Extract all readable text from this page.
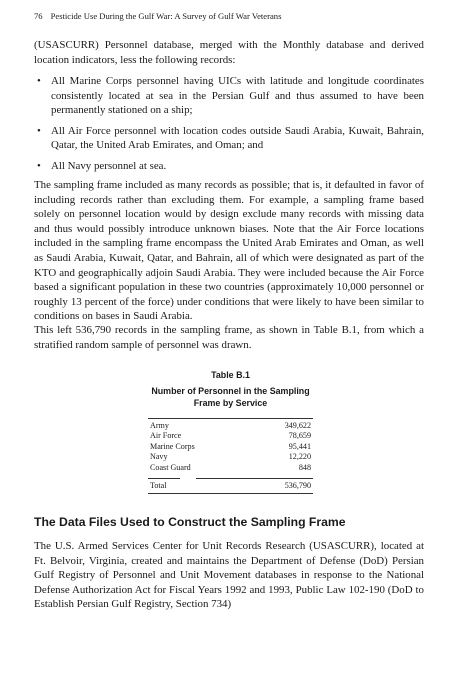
76 Pesticide Use During the Gulf War: A Survey of Gulf War Veterans

(USASCURR) Personnel database, merged with the Monthly database and derived location indicators, less the following records:

• All Marine Corps personnel having UICs with latitude and longitude coordinates consistently located at sea in the Persian Gulf and thus assumed to have been permanently stationed on a ship;
• All Air Force personnel with location codes outside Saudi Arabia, Kuwait, Bahrain, Qatar, the United Arab Emirates, and Oman; and
• All Navy personnel at sea.

The sampling frame included as many records as possible; that is, it defaulted in favor of including records rather than excluding them. For example, a sampling frame based solely on personnel location would by design exclude many records with missing data and thus would possibly introduce unknown biases. Note that the Air Force locations included in the sampling frame encompass the United Arab Emirates and Oman, as well as Saudi Arabia, Kuwait, Qatar, and Bahrain, all of which were designated as part of the KTO and geographically adjoin Saudi Arabia. They were included because the Air Force based a significant population in these two countries (approximately 10,000 personnel or roughly 13 percent of the force) under conditions that were likely to have been similar to conditions on bases in Saudi Arabia.

This left 536,790 records in the sampling frame, as shown in Table B.1, from which a stratified random sample of personnel was drawn.

Table B.1
Number of Personnel in the Sampling
Frame by Service
Army	349,622
Air Force	78,659
Marine Corps	95,441
Navy	12,220
Coast Guard	848
Total	536,790
The Data Files Used to Construct the Sampling Frame

The U.S. Armed Services Center for Unit Records Research (USASCURR), located at Ft. Belvoir, Virginia, created and maintains the Department of Defense (DoD) Persian Gulf Registry of Personnel and Unit Movement databases in response to the National Defense Authorization Act for Fiscal Years 1992 and 1993, Public Law 102-190 (DoD to Establish Persian Gulf Registry, Section 734)
